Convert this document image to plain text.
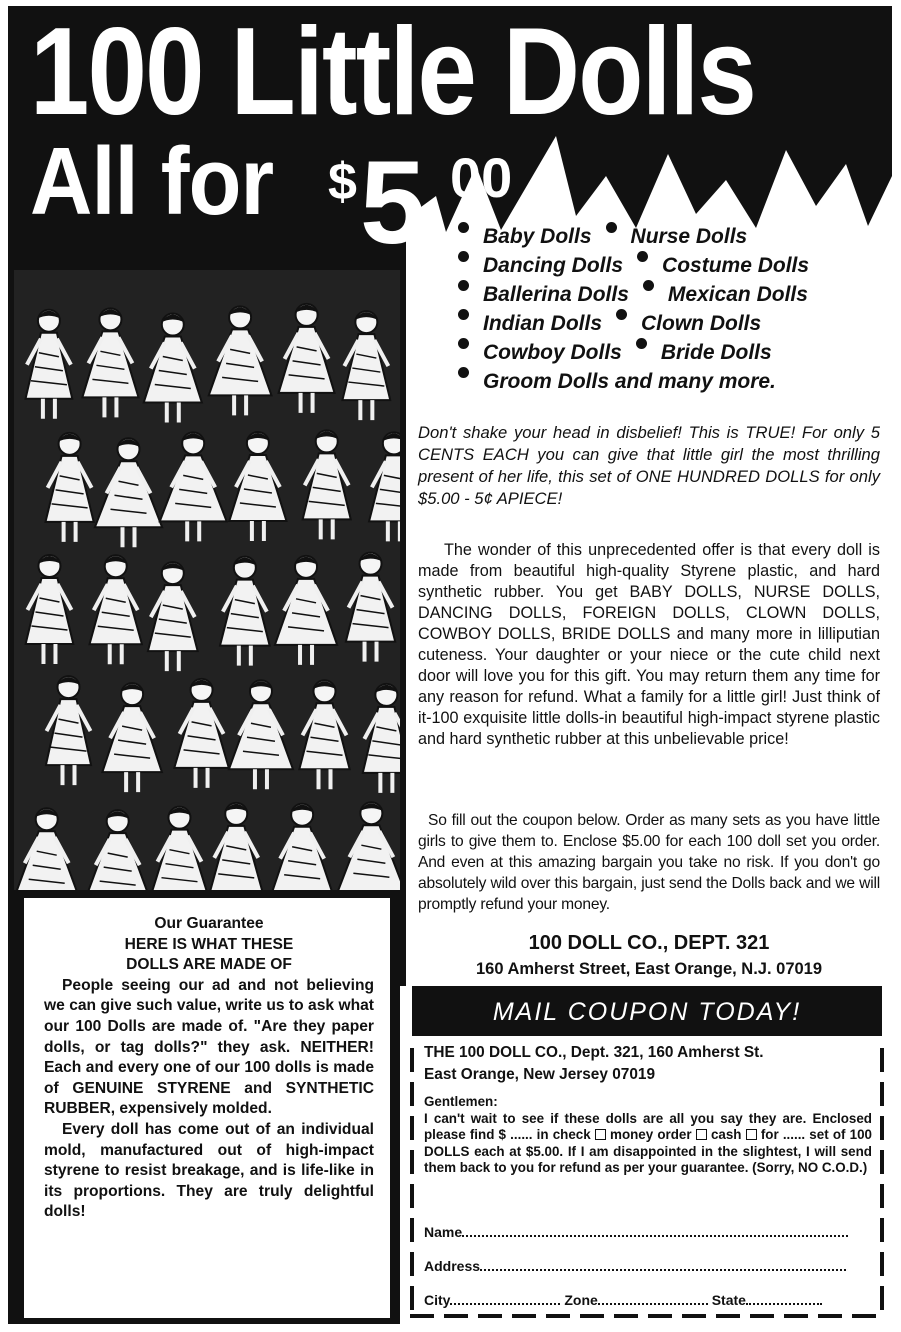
100 Little Dolls
All for $ 5 00
Baby Dolls Nurse Dolls
Dancing Dolls Costume Dolls
Ballerina Dolls Mexican Dolls
Indian Dolls Clown Dolls
Cowboy Dolls Bride Dolls
Groom Dolls and many more.
Don't shake your head in disbelief! This is TRUE! For only 5 CENTS EACH you can give that little girl the most thrilling present of her life, this set of ONE HUNDRED DOLLS for only $5.00 - 5¢ APIECE!
The wonder of this unprecedented offer is that every doll is made from beautiful high-quality Styrene plastic, and hard synthetic rubber. You get BABY DOLLS, NURSE DOLLS, DANCING DOLLS, FOREIGN DOLLS, CLOWN DOLLS, COWBOY DOLLS, BRIDE DOLLS and many more in lilliputian cuteness. Your daughter or your niece or the cute child next door will love you for this gift. You may return them any time for any reason for refund. What a family for a little girl! Just think of it-100 exquisite little dolls-in beautiful high-impact styrene plastic and hard synthetic rubber at this unbelievable price!
So fill out the coupon below. Order as many sets as you have little girls to give them to. Enclose $5.00 for each 100 doll set you order. And even at this amazing bargain you take no risk. If you don't go absolutely wild over this bargain, just send the Dolls back and we will promptly refund your money.
100 DOLL CO., DEPT. 321
160 Amherst Street, East Orange, N.J. 07019
Our Guarantee
HERE IS WHAT THESE
DOLLS ARE MADE OF
People seeing our ad and not believing we can give such value, write us to ask what our 100 Dolls are made of. "Are they paper dolls, or tag dolls?" they ask. NEITHER! Each and every one of our 100 dolls is made of GENUINE STYRENE and SYNTHETIC RUBBER, expensively molded.
Every doll has come out of an individual mold, manufactured out of high-impact styrene to resist breakage, and is life-like in its proportions. They are truly delightful dolls!
MAIL COUPON TODAY!
THE 100 DOLL CO., Dept. 321, 160 Amherst St.
East Orange, New Jersey 07019
Gentlemen:
I can't wait to see if these dolls are all you say they are. Enclosed please find $ ...... in check money order cash for ...... set of 100 DOLLS each at $5.00. If I am disappointed in the slightest, I will send them back to you for refund as per your guarantee. (Sorry, NO C.O.D.)
Name
Address
City	Zone	State
